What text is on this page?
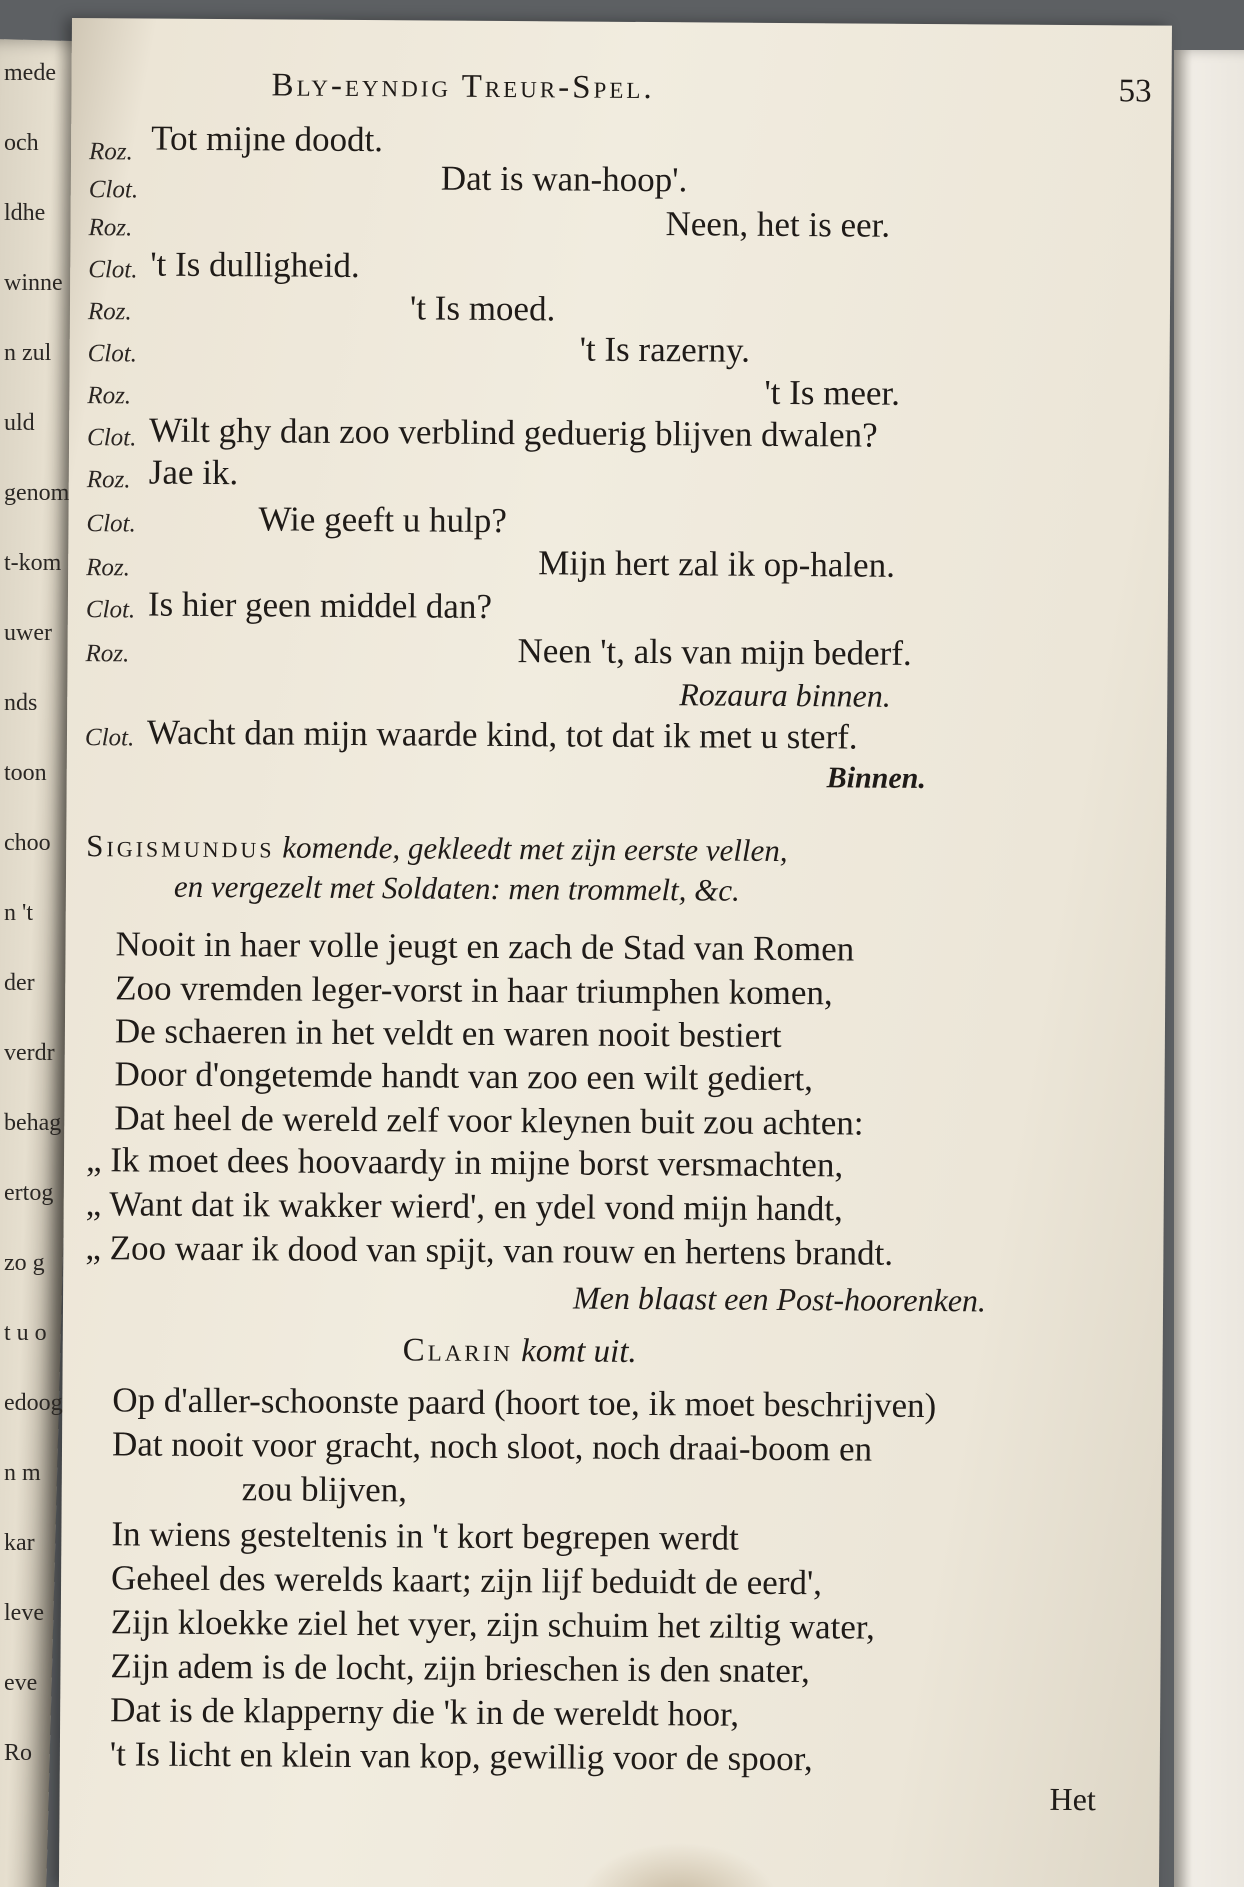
Bly-eyndig Treur-Spel.	53
Roz. Tot mijne doodt.
Clot.	Dat is wan-hoop'.
Roz.	Neen, het is eer.
Clot. 't Is dulligheid.
Roz.	't Is moed.
Clot.	't Is razerny.
Roz.	't Is meer.
Clot. Wilt ghy dan zoo verblind geduerig blijven dwalen?
Roz. Jae ik.
Clot.	Wie geeft u hulp?
Roz.	Mijn hert zal ik op-halen.
Clot. Is hier geen middel dan?
Roz.	Neen 't, als van mijn bederf.
Rozaura binnen.
Clot. Wacht dan mijn waarde kind, tot dat ik met u sterf.
Binnen.
Sigismundus komende, gekleedt met zijn eerste vellen,
en vergezelt met Soldaten: men trommelt, &c.
Nooit in haer volle jeugt en zach de Stad van Romen
Zoo vremden leger-vorst in haar triumphen komen,
De schaeren in het veldt en waren nooit bestiert
Door d'ongetemde handt van zoo een wilt gediert,
Dat heel de wereld zelf voor kleynen buit zou achten:
„ Ik moet dees hoovaardy in mijne borst versmachten,
„ Want dat ik wakker wierd', en ydel vond mijn handt,
„ Zoo waar ik dood van spijt, van rouw en hertens brandt.
Men blaast een Post-hoorenken.
Clarin komt uit.
Op d'aller-schoonste paard (hoort toe, ik moet beschrijven)
Dat nooit voor gracht, noch sloot, noch draai-boom en
zou blijven,
In wiens gesteltenis in 't kort begrepen werdt
Geheel des werelds kaart; zijn lijf beduidt de eerd',
Zijn kloekke ziel het vyer, zijn schuim het ziltig water,
Zijn adem is de locht, zijn brieschen is den snater,
Dat is de klapperny die 'k in de wereldt hoor,
't Is licht en klein van kop, gewillig voor de spoor,
Het
mede
och
ldhe
winne
n zul
uld
genom
t-kom
uwer
nds
toon
choo
n 't
der
verdr
behag
ertog
zo g
t u o
edoog
n m
kar
leve
eve
Ro
